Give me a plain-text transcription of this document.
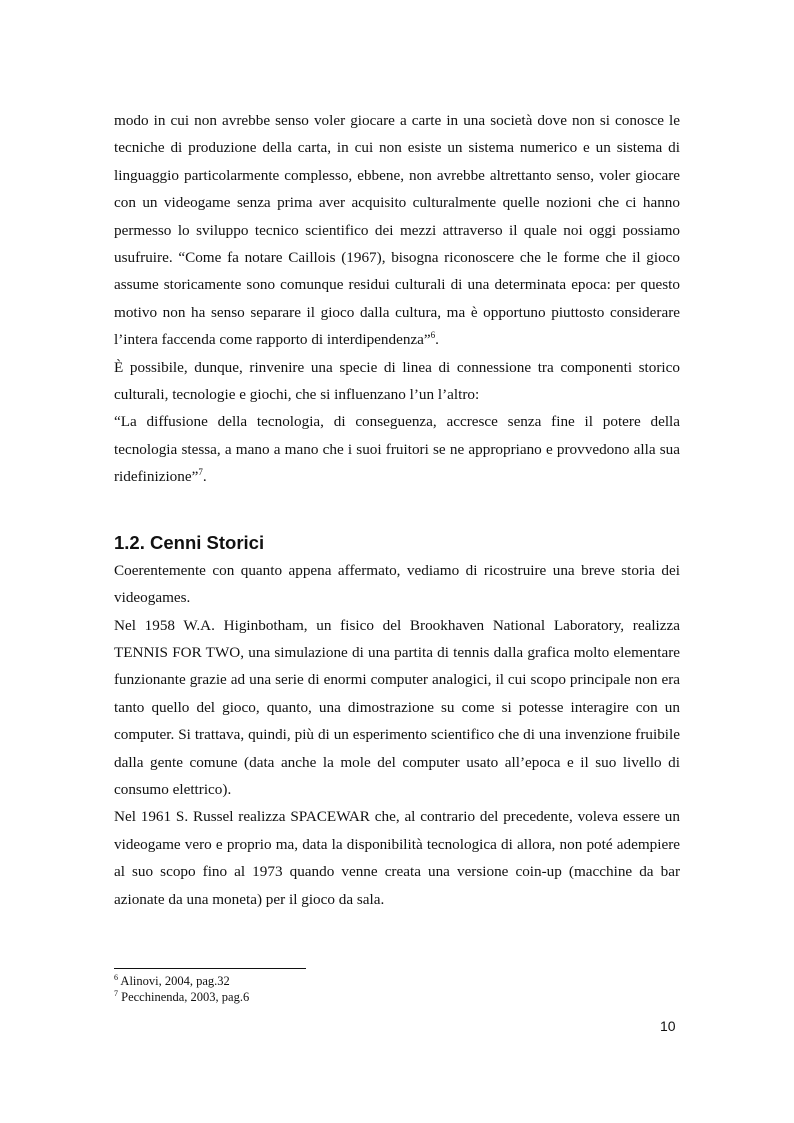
modo in cui non avrebbe senso voler giocare a carte in una società dove non si conosce le tecniche di produzione della carta, in cui non esiste un sistema numerico e un sistema di linguaggio particolarmente complesso, ebbene, non avrebbe altrettanto senso, voler giocare con un videogame senza prima aver acquisito culturalmente quelle nozioni che ci hanno permesso lo sviluppo tecnico scientifico dei mezzi attraverso il quale noi oggi possiamo usufruire. “Come fa notare Caillois (1967), bisogna riconoscere che le forme che il gioco assume storicamente sono comunque residui culturali di una determinata epoca: per questo motivo non ha senso separare il gioco dalla cultura, ma è opportuno piuttosto considerare l’intera faccenda come rapporto di interdipendenza”$^6$.

È possibile, dunque, rinvenire una specie di linea di connessione tra componenti storico culturali, tecnologie e giochi, che si influenzano l’un l’altro:

“La diffusione della tecnologia, di conseguenza, accresce senza fine il potere della tecnologia stessa, a mano a mano che i suoi fruitori se ne appropriano e provvedono alla sua ridefinizione”$^7$.

1.2. Cenni Storici

Coerentemente con quanto appena affermato, vediamo di ricostruire una breve storia dei videogames.

Nel 1958 W.A. Higinbotham, un fisico del Brookhaven National Laboratory, realizza TENNIS FOR TWO, una simulazione di una partita di tennis dalla grafica molto elementare funzionante grazie ad una serie di enormi computer analogici, il cui scopo principale non era tanto quello del gioco, quanto, una dimostrazione su come si potesse interagire con un computer. Si trattava, quindi, più di un esperimento scientifico che di una invenzione fruibile dalla gente comune (data anche la mole del computer usato all’epoca e il suo livello di consumo elettrico).

Nel 1961 S. Russel realizza SPACEWAR che, al contrario del precedente, voleva essere un videogame vero e proprio ma, data la disponibilità tecnologica di allora, non poté adempiere al suo scopo fino al 1973 quando venne creata una versione coin-up (macchine da bar azionate da una moneta) per il gioco da sala.

$^6$ Alinovi, 2004, pag.32
$^7$ Pecchinenda, 2003, pag.6
10
